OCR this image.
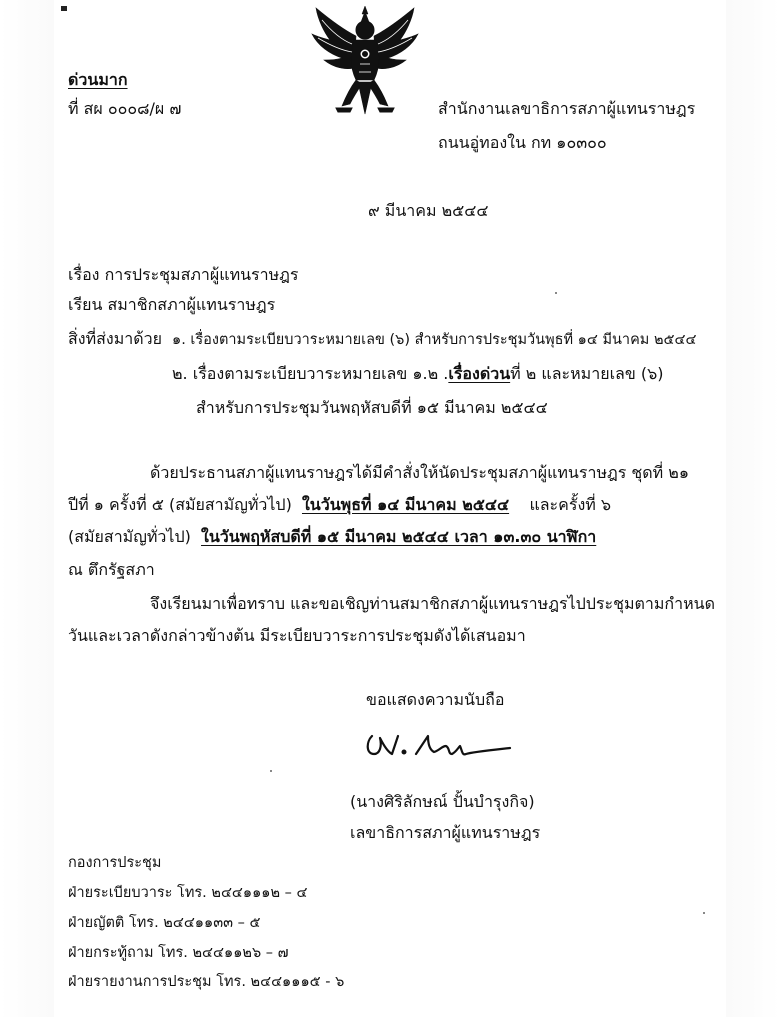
ด่วนมาก
ที่ สผ ๐๐๐๘/ผ ๗	สำนักงานเลขาธิการสภาผู้แทนราษฎร
ถนนอู่ทองใน กท ๑๐๓๐๐
๙ มีนาคม ๒๕๔๔
เรื่อง การประชุมสภาผู้แทนราษฎร
เรียน สมาชิกสภาผู้แทนราษฎร
สิ่งที่ส่งมาด้วย ๑. เรื่องตามระเบียบวาระหมายเลข (๖) สำหรับการประชุมวันพุธที่ ๑๔ มีนาคม ๒๕๔๔
๒. เรื่องตามระเบียบวาระหมายเลข ๑.๒ .เรื่องด่วนที่ ๒ และหมายเลข (๖)
สำหรับการประชุมวันพฤหัสบดีที่ ๑๕ มีนาคม ๒๕๔๔
ด้วยประธานสภาผู้แทนราษฎรได้มีคำสั่งให้นัดประชุมสภาผู้แทนราษฎร ชุดที่ ๒๑
ปีที่ ๑ ครั้งที่ ๕ (สมัยสามัญทั่วไป) ในวันพุธที่ ๑๔ มีนาคม ๒๕๔๔ และครั้งที่ ๖
(สมัยสามัญทั่วไป) ในวันพฤหัสบดีที่ ๑๕ มีนาคม ๒๕๔๔ เวลา ๑๓.๓๐ นาฬิกา
ณ ตึกรัฐสภา
จึงเรียนมาเพื่อทราบ และขอเชิญท่านสมาชิกสภาผู้แทนราษฎรไปประชุมตามกำหนด
วันและเวลาดังกล่าวข้างต้น มีระเบียบวาระการประชุมดังได้เสนอมา
ขอแสดงความนับถือ
(นางศิริลักษณ์ ปั้นบำรุงกิจ)
เลขาธิการสภาผู้แทนราษฎร
กองการประชุม
ฝ่ายระเบียบวาระ โทร. ๒๔๔๑๑๑๒ – ๔
ฝ่ายญัตติ โทร. ๒๔๔๑๑๓๓ – ๕
ฝ่ายกระทู้ถาม โทร. ๒๔๔๑๑๒๖ – ๗
ฝ่ายรายงานการประชุม โทร. ๒๔๔๑๑๑๕ - ๖
